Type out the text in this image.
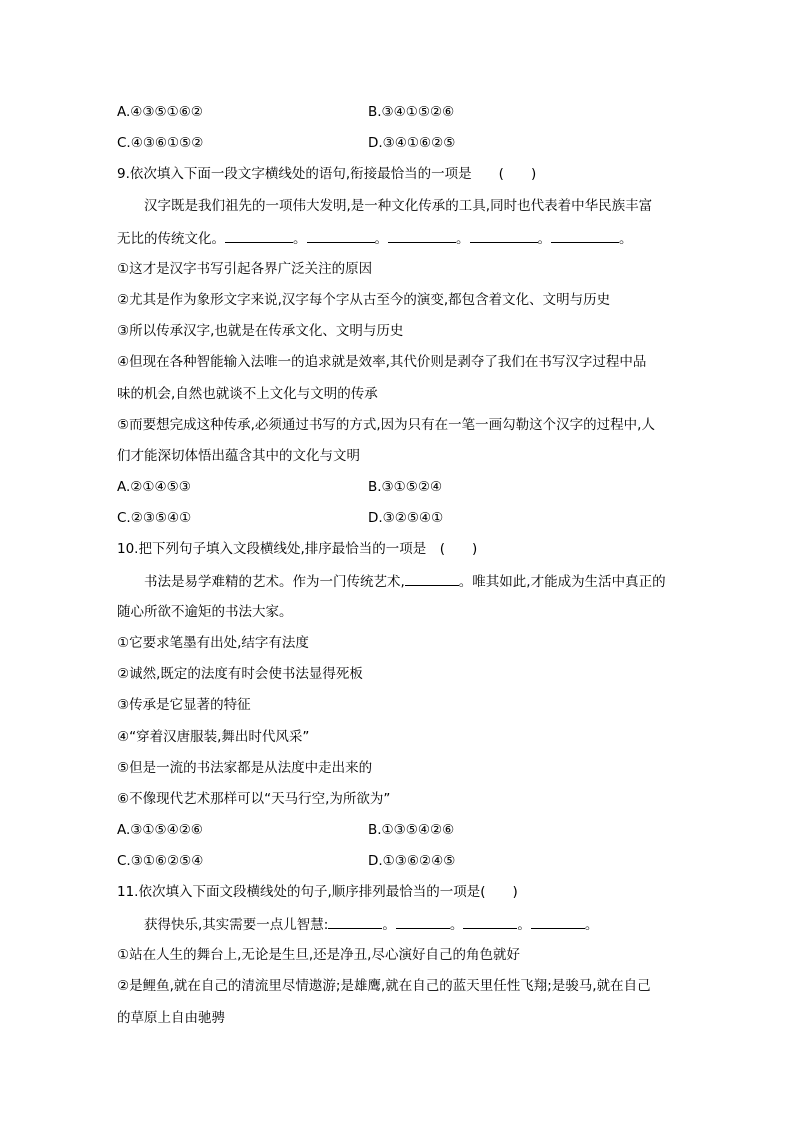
A.④③⑤①⑥②	B.③④①⑤②⑥
C.④③⑥①⑤②	D.③④①⑥②⑤
9.依次填入下面一段文字横线处的语句,衔接最恰当的一项是　　(　　)
汉字既是我们祖先的一项伟大发明,是一种文化传承的工具,同时也代表着中华民族丰富
无比的传统文化。	。	。	。	。	。
①这才是汉字书写引起各界广泛关注的原因
②尤其是作为象形文字来说,汉字每个字从古至今的演变,都包含着文化、文明与历史
③所以传承汉字,也就是在传承文化、文明与历史
④但现在各种智能输入法唯一的追求就是效率,其代价则是剥夺了我们在书写汉字过程中品
味的机会,自然也就谈不上文化与文明的传承
⑤而要想完成这种传承,必须通过书写的方式,因为只有在一笔一画勾勒这个汉字的过程中,人
们才能深切体悟出蕴含其中的文化与文明
A.②①④⑤③	B.③①⑤②④
C.②③⑤④①	D.③②⑤④①
10.把下列句子填入文段横线处,排序最恰当的一项是　(　　)
书法是易学难精的艺术。作为一门传统艺术,	。唯其如此,才能成为生活中真正的
随心所欲不逾矩的书法大家。
①它要求笔墨有出处,结字有法度
②诚然,既定的法度有时会使书法显得死板
③传承是它显著的特征
④“穿着汉唐服装,舞出时代风采”
⑤但是一流的书法家都是从法度中走出来的
⑥不像现代艺术那样可以“天马行空,为所欲为”
A.③①⑤④②⑥	B.①③⑤④②⑥
C.③①⑥②⑤④	D.①③⑥②④⑤
11.依次填入下面文段横线处的句子,顺序排列最恰当的一项是(　　)
获得快乐,其实需要一点儿智慧:	。	。	。	。
①站在人生的舞台上,无论是生旦,还是净丑,尽心演好自己的角色就好
②是鲤鱼,就在自己的清流里尽情遨游;是雄鹰,就在自己的蓝天里任性飞翔;是骏马,就在自己
的草原上自由驰骋
